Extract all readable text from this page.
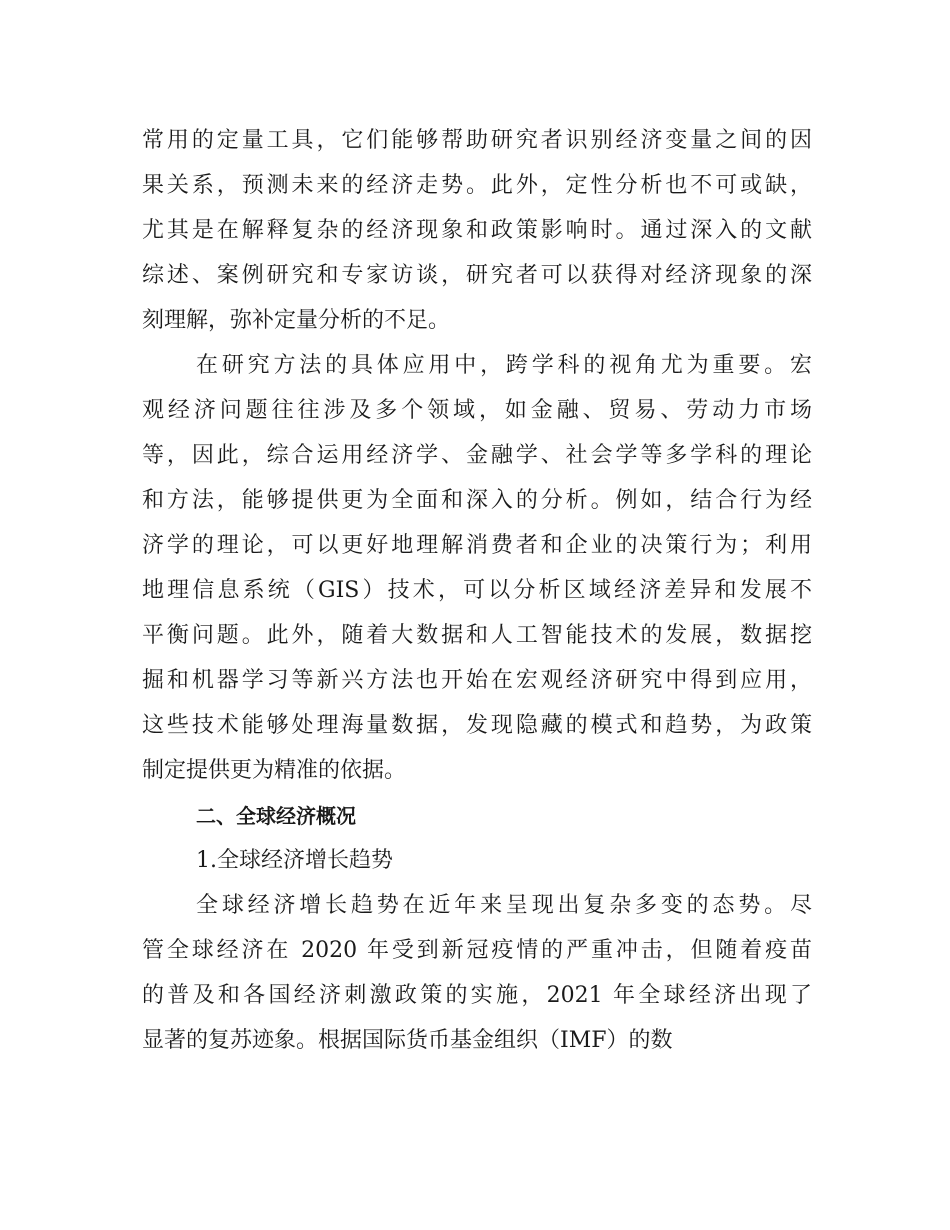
常用的定量工具，它们能够帮助研究者识别经济变量之间的因
果关系，预测未来的经济走势。此外，定性分析也不可或缺，
尤其是在解释复杂的经济现象和政策影响时。通过深入的文献
综述、案例研究和专家访谈，研究者可以获得对经济现象的深
刻理解，弥补定量分析的不足。
在研究方法的具体应用中，跨学科的视角尤为重要。宏
观经济问题往往涉及多个领域，如金融、贸易、劳动力市场
等，因此，综合运用经济学、金融学、社会学等多学科的理论
和方法，能够提供更为全面和深入的分析。例如，结合行为经
济学的理论，可以更好地理解消费者和企业的决策行为；利用
地理信息系统（GIS）技术，可以分析区域经济差异和发展不
平衡问题。此外，随着大数据和人工智能技术的发展，数据挖
掘和机器学习等新兴方法也开始在宏观经济研究中得到应用，
这些技术能够处理海量数据，发现隐藏的模式和趋势，为政策
制定提供更为精准的依据。
二、全球经济概况
1.全球经济增长趋势
全球经济增长趋势在近年来呈现出复杂多变的态势。尽
管全球经济在 2020 年受到新冠疫情的严重冲击，但随着疫苗
的普及和各国经济刺激政策的实施，2021 年全球经济出现了
显著的复苏迹象。根据国际货币基金组织（IMF）的数
